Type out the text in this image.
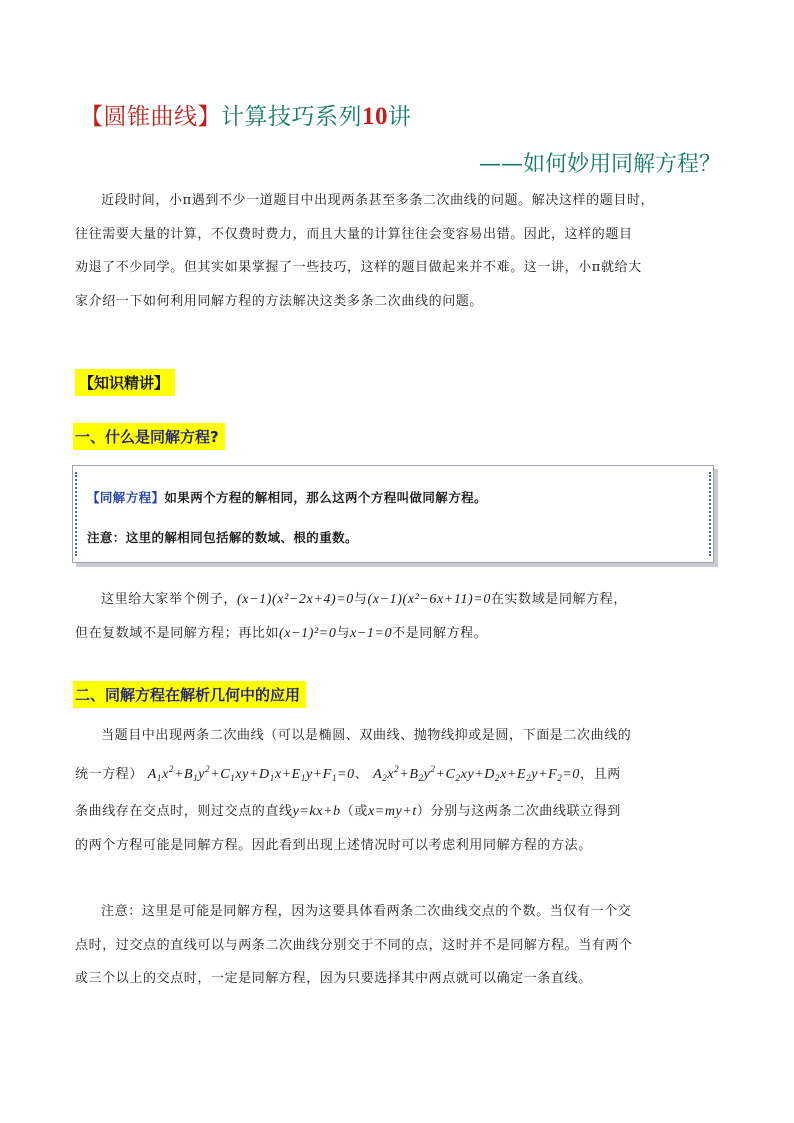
【圆锥曲线】计算技巧系列10讲
——如何妙用同解方程？
近段时间，小π遇到不少一道题目中出现两条甚至多条二次曲线的问题。解决这样的题目时，
往往需要大量的计算，不仅费时费力，而且大量的计算往往会变容易出错。因此，这样的题目
劝退了不少同学。但其实如果掌握了一些技巧，这样的题目做起来并不难。这一讲，小π就给大
家介绍一下如何利用同解方程的方法解决这类多条二次曲线的问题。
【知识精讲】
一、什么是同解方程?
【同解方程】如果两个方程的解相同，那么这两个方程叫做同解方程。
注意：这里的解相同包括解的数域、根的重数。
这里给大家举个例子，(x−1)(x²−2x+4)=0与(x−1)(x²−6x+11)=0在实数域是同解方程，
但在复数域不是同解方程；再比如(x−1)²=0与x−1=0不是同解方程。
二、同解方程在解析几何中的应用
当题目中出现两条二次曲线（可以是椭圆、双曲线、抛物线抑或是圆，下面是二次曲线的
统一方程） $A_1x^2+B_1y^2+C_1xy+D_1x+E_1y+F_1=0$、 $A_2x^2+B_2y^2+C_2xy+D_2x+E_2y+F_2=0$，且两
条曲线存在交点时，则过交点的直线y=kx+b（或x=my+t）分别与这两条二次曲线联立得到
的两个方程可能是同解方程。因此看到出现上述情况时可以考虑利用同解方程的方法。
注意：这里是可能是同解方程，因为这要具体看两条二次曲线交点的个数。当仅有一个交
点时，过交点的直线可以与两条二次曲线分别交于不同的点，这时并不是同解方程。当有两个
或三个以上的交点时，一定是同解方程，因为只要选择其中两点就可以确定一条直线。
